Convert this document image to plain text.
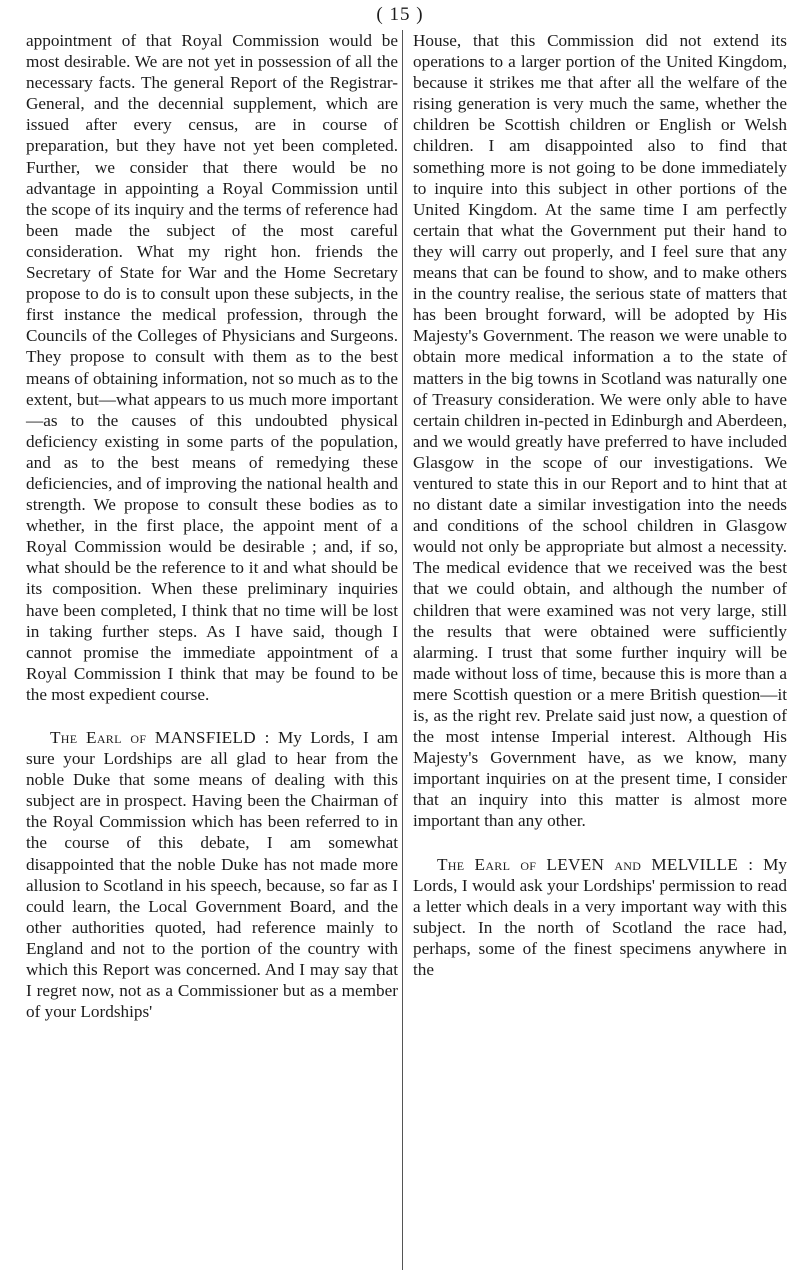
( 15 )

appointment of that Royal Commission would be most desirable. We are not yet in possession of all the necessary facts. The general Report of the Registrar-General, and the decennial supplement, which are issued after every census, are in course of preparation, but they have not yet been completed. Further, we consider that there would be no advantage in appointing a Royal Commission until the scope of its inquiry and the terms of reference had been made the subject of the most careful consideration. What my right hon. friends the Secretary of State for War and the Home Secretary propose to do is to consult upon these subjects, in the first instance the medical profession, through the Councils of the Colleges of Physicians and Surgeons. They propose to consult with them as to the best means of obtaining information, not so much as to the extent, but—what appears to us much more important—as to the causes of this undoubted physical deficiency existing in some parts of the population, and as to the best means of remedying these deficiencies, and of improving the national health and strength. We propose to consult these bodies as to whether, in the first place, the appoint ment of a Royal Commission would be desirable ; and, if so, what should be the reference to it and what should be its composition. When these preliminary inquiries have been completed, I think that no time will be lost in taking further steps. As I have said, though I cannot promise the immediate appointment of a Royal Commission I think that may be found to be the most expedient course.

The Earl of MANSFIELD : My Lords, I am sure your Lordships are all glad to hear from the noble Duke that some means of dealing with this subject are in prospect. Having been the Chairman of the Royal Commission which has been referred to in the course of this debate, I am somewhat disappointed that the noble Duke has not made more allusion to Scotland in his speech, because, so far as I could learn, the Local Government Board, and the other authorities quoted, had reference mainly to England and not to the portion of the country with which this Report was concerned. And I may say that I regret now, not as a Commissioner but as a member of your Lordships'

House, that this Commission did not extend its operations to a larger portion of the United Kingdom, because it strikes me that after all the welfare of the rising generation is very much the same, whether the children be Scottish children or English or Welsh children. I am disappointed also to find that something more is not going to be done immediately to inquire into this subject in other portions of the United Kingdom. At the same time I am perfectly certain that what the Government put their hand to they will carry out properly, and I feel sure that any means that can be found to show, and to make others in the country realise, the serious state of matters that has been brought forward, will be adopted by His Majesty's Government. The reason we were unable to obtain more medical information a to the state of matters in the big towns in Scotland was naturally one of Treasury consideration. We were only able to have certain children in-pected in Edinburgh and Aberdeen, and we would greatly have preferred to have included Glasgow in the scope of our investigations. We ventured to state this in our Report and to hint that at no distant date a similar investigation into the needs and conditions of the school children in Glasgow would not only be appropriate but almost a necessity. The medical evidence that we received was the best that we could obtain, and although the number of children that were examined was not very large, still the results that were obtained were sufficiently alarming. I trust that some further inquiry will be made without loss of time, because this is more than a mere Scottish question or a mere British question—it is, as the right rev. Prelate said just now, a question of the most intense Imperial interest. Although His Majesty's Government have, as we know, many important inquiries on at the present time, I consider that an inquiry into this matter is almost more important than any other.

The Earl of LEVEN and MELVILLE : My Lords, I would ask your Lordships' permission to read a letter which deals in a very important way with this subject. In the north of Scotland the race had, perhaps, some of the finest specimens anywhere in the
